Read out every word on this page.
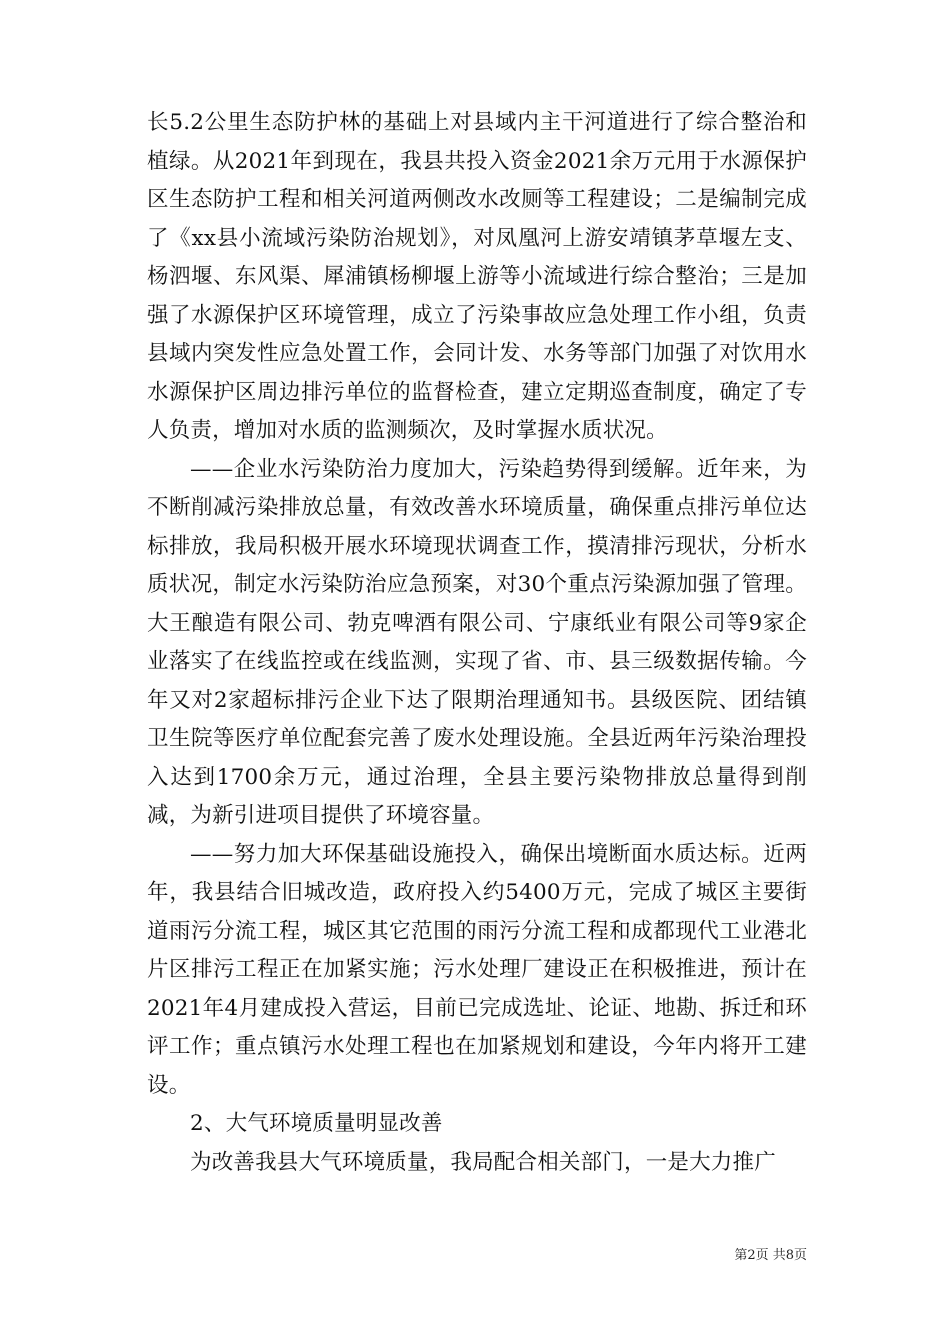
长5.2公里生态防护林的基础上对县域内主干河道进行了综合整治和植绿。从2021年到现在，我县共投入资金2021余万元用于水源保护区生态防护工程和相关河道两侧改水改厕等工程建设；二是编制完成了《xx县小流域污染防治规划》，对凤凰河上游安靖镇茅草堰左支、杨泗堰、东风渠、犀浦镇杨柳堰上游等小流域进行综合整治；三是加强了水源保护区环境管理，成立了污染事故应急处理工作小组，负责县域内突发性应急处置工作，会同计发、水务等部门加强了对饮用水水源保护区周边排污单位的监督检查，建立定期巡查制度，确定了专人负责，增加对水质的监测频次，及时掌握水质状况。

——企业水污染防治力度加大，污染趋势得到缓解。近年来，为不断削减污染排放总量，有效改善水环境质量，确保重点排污单位达标排放，我局积极开展水环境现状调查工作，摸清排污现状，分析水质状况，制定水污染防治应急预案，对30个重点污染源加强了管理。大王酿造有限公司、勃克啤酒有限公司、宁康纸业有限公司等9家企业落实了在线监控或在线监测，实现了省、市、县三级数据传输。今年又对2家超标排污企业下达了限期治理通知书。县级医院、团结镇卫生院等医疗单位配套完善了废水处理设施。全县近两年污染治理投入达到1700余万元，通过治理，全县主要污染物排放总量得到削减，为新引进项目提供了环境容量。

——努力加大环保基础设施投入，确保出境断面水质达标。近两年，我县结合旧城改造，政府投入约5400万元，完成了城区主要街道雨污分流工程，城区其它范围的雨污分流工程和成都现代工业港北片区排污工程正在加紧实施；污水处理厂建设正在积极推进，预计在2021年4月建成投入营运，目前已完成选址、论证、地勘、拆迁和环评工作；重点镇污水处理工程也在加紧规划和建设，今年内将开工建设。

2、大气环境质量明显改善

为改善我县大气环境质量，我局配合相关部门，一是大力推广

第2页 共8页
